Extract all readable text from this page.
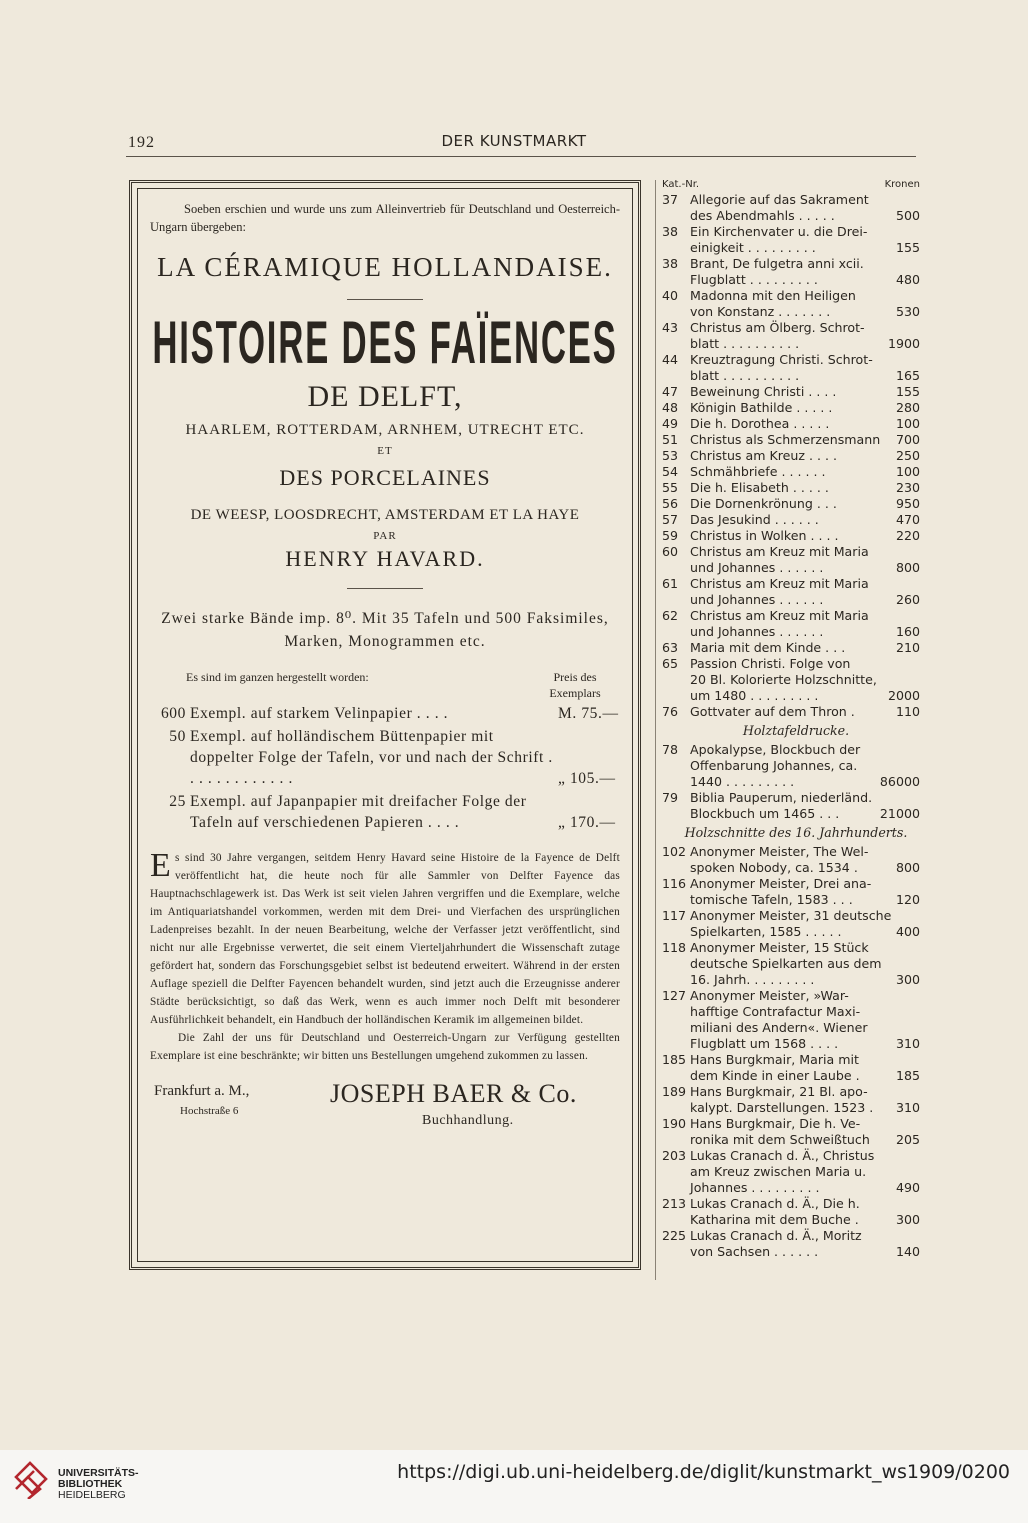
192	DER KUNSTMARKT
Soeben erschien und wurde uns zum Alleinvertrieb für Deutschland und Oesterreich-Ungarn übergeben:
LA CÉRAMIQUE HOLLANDAISE.
HISTOIRE DES FAÏENCES
DE DELFT,
HAARLEM, ROTTERDAM, ARNHEM, UTRECHT ETC.
ET
DES PORCELAINES
DE WEESP, LOOSDRECHT, AMSTERDAM ET LA HAYE
PAR
HENRY HAVARD.
Zwei starke Bände imp. 8⁰. Mit 35 Tafeln und 500 Faksimiles, Marken, Monogrammen etc.
Es sind im ganzen hergestellt worden:	Preis des Exemplars
600 Exempl. auf starkem Velinpapier . . . .	M. 75.—
50 Exempl. auf holländischem Büttenpapier mit doppelter Folge der Tafeln, vor und nach der Schrift . . . . . . . . . . . . .	„ 105.—
25 Exempl. auf Japanpapier mit dreifacher Folge der Tafeln auf verschiedenen Papieren . . . .	„ 170.—
Es sind 30 Jahre vergangen, seitdem Henry Havard seine Histoire de la Fayence de Delft veröffentlicht hat, die heute noch für alle Sammler von Delfter Fayence das Hauptnachschlagewerk ist. Das Werk ist seit vielen Jahren vergriffen und die Exemplare, welche im Antiquariatshandel vorkommen, werden mit dem Drei- und Vierfachen des ursprünglichen Ladenpreises bezahlt. In der neuen Bearbeitung, welche der Verfasser jetzt veröffentlicht, sind nicht nur alle Ergebnisse verwertet, die seit einem Vierteljahrhundert die Wissenschaft zutage gefördert hat, sondern das Forschungsgebiet selbst ist bedeutend erweitert. Während in der ersten Auflage speziell die Delfter Fayencen behandelt wurden, sind jetzt auch die Erzeugnisse anderer Städte berücksichtigt, so daß das Werk, wenn es auch immer noch Delft mit besonderer Ausführlichkeit behandelt, ein Handbuch der holländischen Keramik im allgemeinen bildet.
Die Zahl der uns für Deutschland und Oesterreich-Ungarn zur Verfügung gestellten Exemplare ist eine beschränkte; wir bitten uns Bestellungen umgehend zukommen zu lassen.
Frankfurt a. M.,
Hochstraße 6
JOSEPH BAER & Co.
Buchhandlung.
Kat.-Nr.	Kronen
37 Allegorie auf das Sakrament
des Abendmahls . . . . .	500
38 Ein Kirchenvater u. die Drei-
einigkeit . . . . . . . . .	155
38 Brant, De fulgetra anni xcii.
Flugblatt . . . . . . . . .	480
40 Madonna mit den Heiligen
von Konstanz . . . . . . .	530
43 Christus am Ölberg. Schrot-
blatt . . . . . . . . . .	1900
44 Kreuztragung Christi. Schrot-
blatt . . . . . . . . . .	165
47 Beweinung Christi . . . .	155
48 Königin Bathilde . . . . .	280
49 Die h. Dorothea . . . . .	100
51 Christus als Schmerzensmann	700
53 Christus am Kreuz . . . .	250
54 Schmähbriefe . . . . . .	100
55 Die h. Elisabeth . . . . .	230
56 Die Dornenkrönung . . .	950
57 Das Jesukind . . . . . .	470
59 Christus in Wolken . . . .	220
60 Christus am Kreuz mit Maria
und Johannes . . . . . .	800
61 Christus am Kreuz mit Maria
und Johannes . . . . . .	260
62 Christus am Kreuz mit Maria
und Johannes . . . . . .	160
63 Maria mit dem Kinde . . .	210
65 Passion Christi. Folge von
20 Bl. Kolorierte Holzschnitte,
um 1480 . . . . . . . . .	2000
76 Gottvater auf dem Thron .	110
Holztafeldrucke.
78 Apokalypse, Blockbuch der
Offenbarung Johannes, ca.
1440 . . . . . . . . .	86000
79 Biblia Pauperum, niederländ.
Blockbuch um 1465 . . .	21000
Holzschnitte des 16. Jahrhunderts.
102 Anonymer Meister, The Wel-
spoken Nobody, ca. 1534 .	800
116 Anonymer Meister, Drei ana-
tomische Tafeln, 1583 . . .	120
117 Anonymer Meister, 31 deutsche
Spielkarten, 1585 . . . . .	400
118 Anonymer Meister, 15 Stück
deutsche Spielkarten aus dem
16. Jahrh. . . . . . . . .	300
127 Anonymer Meister, »War-
hafftige Contrafactur Maxi-
miliani des Andern«. Wiener
Flugblatt um 1568 . . . .	310
185 Hans Burgkmair, Maria mit
dem Kinde in einer Laube .	185
189 Hans Burgkmair, 21 Bl. apo-
kalypt. Darstellungen. 1523 .	310
190 Hans Burgkmair, Die h. Ve-
ronika mit dem Schweißtuch	205
203 Lukas Cranach d. Ä., Christus
am Kreuz zwischen Maria u.
Johannes . . . . . . . . .	490
213 Lukas Cranach d. Ä., Die h.
Katharina mit dem Buche .	300
225 Lukas Cranach d. Ä., Moritz
von Sachsen . . . . . .	140
UNIVERSITÄTS-
BIBLIOTHEK
HEIDELBERG
https://digi.ub.uni-heidelberg.de/diglit/kunstmarkt_ws1909/0200
